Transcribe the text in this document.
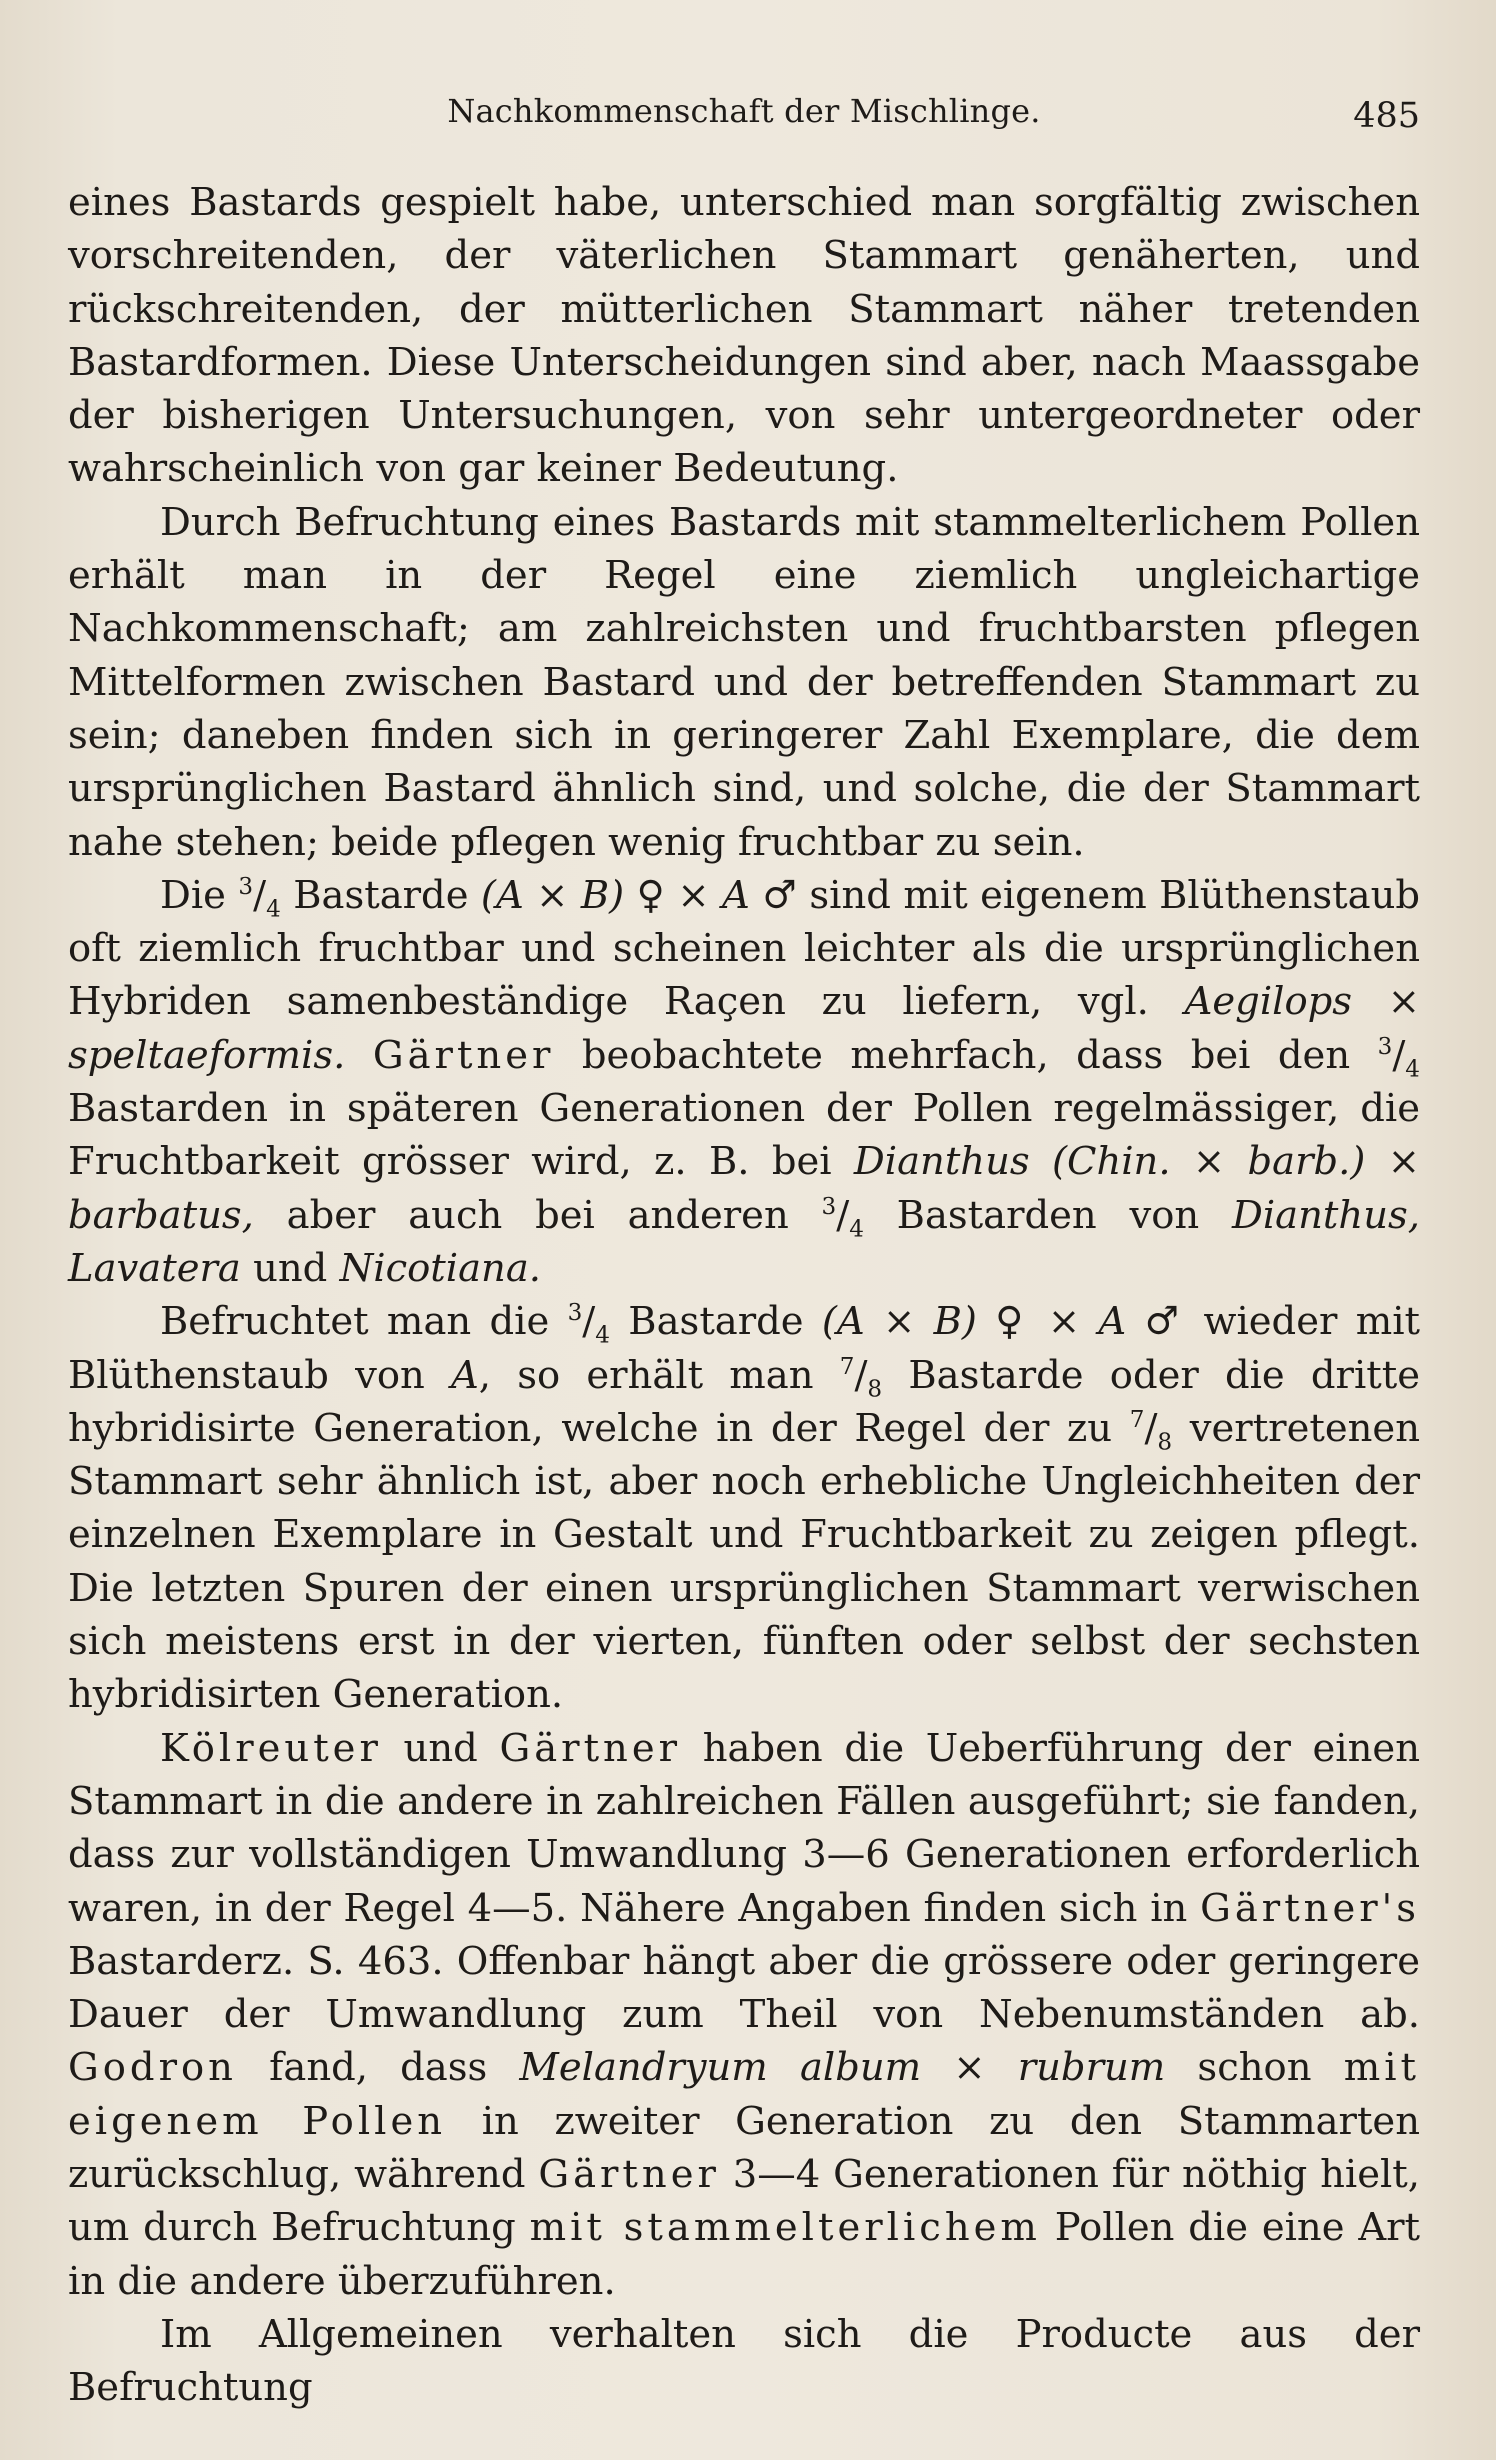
Nachkommenschaft der Mischlinge.	485

eines Bastards gespielt habe, unterschied man sorgfältig zwischen vorschreitenden, der väterlichen Stammart genäherten, und rückschreitenden, der mütterlichen Stammart näher tretenden Bastardformen. Diese Unterscheidungen sind aber, nach Maassgabe der bisherigen Untersuchungen, von sehr untergeordneter oder wahrscheinlich von gar keiner Bedeutung.

Durch Befruchtung eines Bastards mit stammelterlichem Pollen erhält man in der Regel eine ziemlich ungleichartige Nachkommenschaft; am zahlreichsten und fruchtbarsten pflegen Mittelformen zwischen Bastard und der betreffenden Stammart zu sein; daneben finden sich in geringerer Zahl Exemplare, die dem ursprünglichen Bastard ähnlich sind, und solche, die der Stammart nahe stehen; beide pflegen wenig fruchtbar zu sein.

Die $^3/_4$ Bastarde (A × B) ♀ × A ♂ sind mit eigenem Blüthenstaub oft ziemlich fruchtbar und scheinen leichter als die ursprünglichen Hybriden samenbeständige Raçen zu liefern, vgl. Aegilops × speltaeformis. Gärtner beobachtete mehrfach, dass bei den $^3/_4$ Bastarden in späteren Generationen der Pollen regelmässiger, die Fruchtbarkeit grösser wird, z. B. bei Dianthus (Chin. × barb.) × barbatus, aber auch bei anderen $^3/_4$ Bastarden von Dianthus, Lavatera und Nicotiana.

Befruchtet man die $^3/_4$ Bastarde (A × B) ♀ × A ♂ wieder mit Blüthenstaub von A, so erhält man $^7/_8$ Bastarde oder die dritte hybridisirte Generation, welche in der Regel der zu $^7/_8$ vertretenen Stammart sehr ähnlich ist, aber noch erhebliche Ungleichheiten der einzelnen Exemplare in Gestalt und Fruchtbarkeit zu zeigen pflegt. Die letzten Spuren der einen ursprünglichen Stammart verwischen sich meistens erst in der vierten, fünften oder selbst der sechsten hybridisirten Generation.

Kölreuter und Gärtner haben die Ueberführung der einen Stammart in die andere in zahlreichen Fällen ausgeführt; sie fanden, dass zur vollständigen Umwandlung 3—6 Generationen erforderlich waren, in der Regel 4—5. Nähere Angaben finden sich in Gärtner's Bastarderz. S. 463. Offenbar hängt aber die grössere oder geringere Dauer der Umwandlung zum Theil von Nebenumständen ab. Godron fand, dass Melandryum album × rubrum schon mit eigenem Pollen in zweiter Generation zu den Stammarten zurückschlug, während Gärtner 3—4 Generationen für nöthig hielt, um durch Befruchtung mit stammelterlichem Pollen die eine Art in die andere überzuführen.

Im Allgemeinen verhalten sich die Producte aus der Befruchtung
